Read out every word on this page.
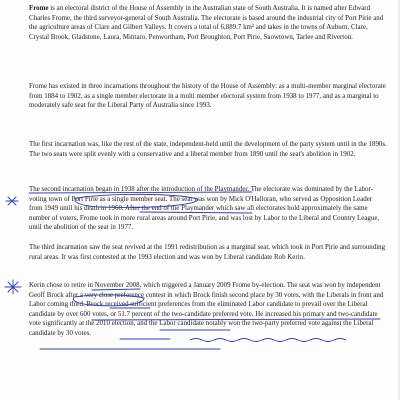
Frome is an electoral district of the House of Assembly in the Australian state of South Australia. It is named after Edward Charles Frome, the third surveyor-general of South Australia. The electorate is based around the industrial city of Port Pirie and the agriculture areas of Clare and Gilbert Valleys. It covers a total of 6,889.7 km² and takes in the towns of Auburn, Clare, Crystal Brook, Gladstone, Laura, Mintaro, Penwortham, Port Broughton, Port Pirie, Saowtown, Tarlee and Riverton.

Frome has existed in three incarnations throughout the history of the House of Assembly: as a multi-member marginal electorate from 1884 to 1902, as a single member electorate in a multi member electoral system from 1938 to 1977, and as a marginal to moderately safe seat for the Liberal Party of Australia since 1993.

The first incarnation was, like the rest of the state, independent-held until the development of the party system until in the 1890s. The two seats were split evenly with a conservative and a liberal member from 1890 until the seat's abolition in 1902.

The second incarnation began in 1938 after the introduction of the Playmander. The electorate was dominated by the Labor-voting town of Port Pirie as a single member seat. The seat was won by Mick O'Halloran, who served as Opposition Leader from 1949 until his death in 1960. After the end of the Playmander which saw all electorates hold approximately the same number of voters, Frome took in more rural areas around Port Pirie, and was lost by Labor to the Liberal and Country League, until the abolition of the seat in 1977.

The third incarnation saw the seat revived at the 1991 redistribution as a marginal seat, which took in Port Pirie and surrounding rural areas. It was first contested at the 1993 election and was won by Liberal candidate Rob Kerin.

Kerin chose to retire in November 2008, which triggered a January 2009 Frome by-election. The seat was won by independent Geoff Brock after a very close preference contest in which Brock finish second place by 30 votes, with the Liberals in front and Labor coming third. Brock received sufficient preferences from the eliminated Labor candidate to prevail over the Liberal candidate by over 600 votes, or 51.7 percent of the two-candidate preferred vote. He increased his primary and two-candidate vote significantly at the 2010 election, and the Labor candidate notably won the two-party preferred vote against the Liberal candidate by 30 votes.
